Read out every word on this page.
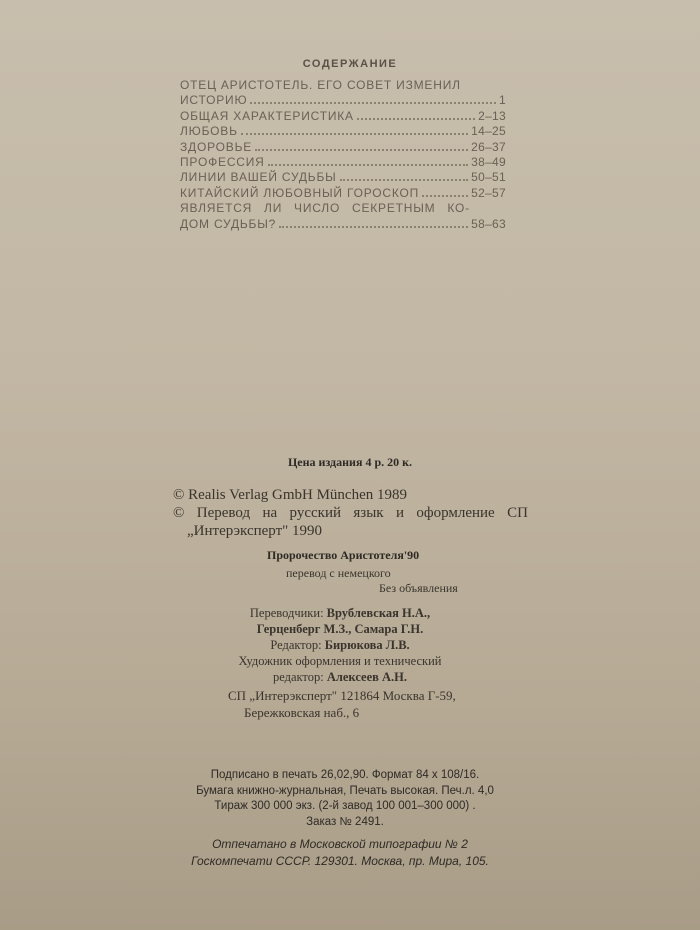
СОДЕРЖАНИЕ
ОТЕЦ АРИСТОТЕЛЬ. ЕГО СОВЕТ ИЗМЕНИЛ
ИСТОРИЮ	1
ОБЩАЯ ХАРАКТЕРИСТИКА	2–13
ЛЮБОВЬ	14–25
ЗДОРОВЬЕ	26–37
ПРОФЕССИЯ	38–49
ЛИНИИ ВАШЕЙ СУДЬБЫ	50–51
КИТАЙСКИЙ ЛЮБОВНЫЙ ГОРОСКОП	52–57
ЯВЛЯЕТСЯ ЛИ ЧИСЛО СЕКРЕТНЫМ КО-
ДОМ СУДЬБЫ?	58–63
Цена издания 4 р. 20 к.
© Realis Verlag GmbH München 1989
© Перевод на русский язык и оформление СП
„Интерэксперт" 1990
Пророчество Аристотеля'90
перевод с немецкого
Без объявления
Переводчики: Врублевская Н.А.,
Герценберг М.З., Самара Г.Н.
Редактор: Бирюкова Л.В.
Художник оформления и технический
редактор: Алексеев А.Н.
СП „Интерэксперт" 121864 Москва Г-59,
Бережковская наб., 6
Подписано в печать 26,02,90. Формат 84 х 108/16.
Бумага книжно-журнальная, Печать высокая. Печ.л. 4,0
Тираж 300 000 экз. (2-й завод 100 001–300 000) .
Заказ № 2491.
Отпечатано в Московской типографии № 2
Госкомпечати СССР. 129301. Москва, пр. Мира, 105.
